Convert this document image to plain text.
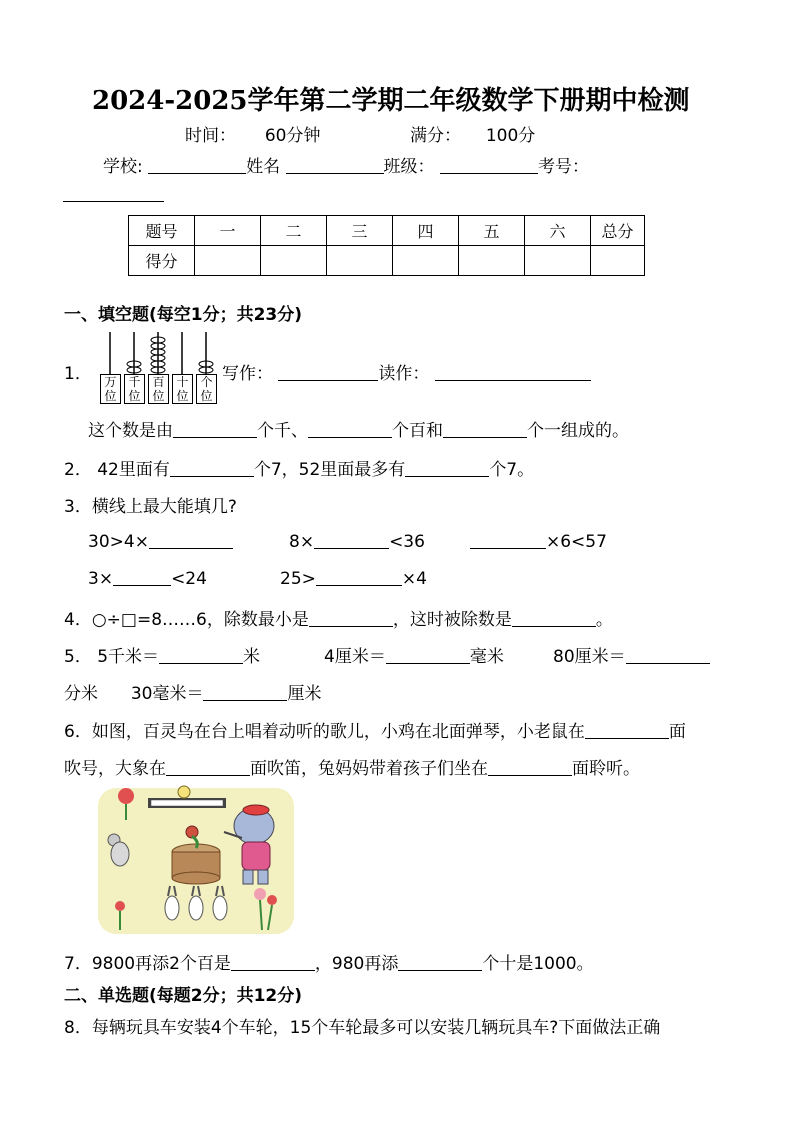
2024-2025学年第二学期二年级数学下册期中检测
时间： 60分钟	满分： 100分
学校:	姓名	班级：	考号：
题号	一	二	三	四	五	六	总分
得分							
一、填空题(每空1分；共23分)
1．	万
位
千
位
百
位
十
位
个
位
写作：	读作：
这个数是由	个千、	个百和	个一组成的。
2． 42里面有	个7，52里面最多有	个7。
3．横线上最大能填几?
30>4×	8×	<36	×6<57
3×	<24	25>	×4
4．○÷□=8……6，除数最小是	，这时被除数是	。
5． 5千米＝	米	4厘米＝	毫米	80厘米＝
分米 30毫米＝	厘米
6．如图，百灵鸟在台上唱着动听的歌儿，小鸡在北面弹琴，小老鼠在	面
吹号，大象在	面吹笛，兔妈妈带着孩子们坐在	面聆听。
7．9800再添2个百是	，980再添	个十是1000。
二、单选题(每题2分；共12分)
8．每辆玩具车安装4个车轮，15个车轮最多可以安装几辆玩具车?下面做法正确
